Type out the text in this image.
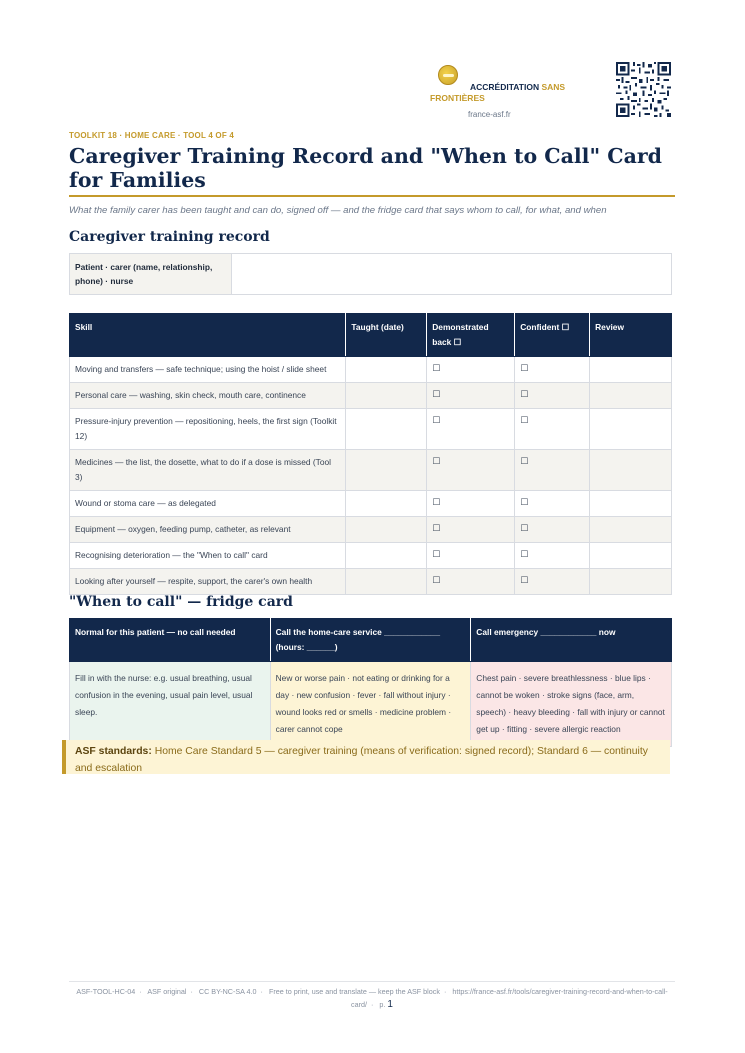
ACCRÉDITATION SANS FRONTIÈRES
france-asf.fr
TOOLKIT 18 · HOME CARE · TOOL 4 OF 4
Caregiver Training Record and "When to Call" Card for Families
What the family carer has been taught and can do, signed off — and the fridge card that says whom to call, for what, and when
Caregiver training record
Patient · carer (name, relationship, phone) · nurse	
Skill	Taught (date)	Demonstrated back ☐	Confident ☐	Review
Moving and transfers — safe technique; using the hoist / slide sheet		☐	☐	
Personal care — washing, skin check, mouth care, continence		☐	☐	
Pressure-injury prevention — repositioning, heels, the first sign (Toolkit 12)		☐	☐	
Medicines — the list, the dosette, what to do if a dose is missed (Tool 3)		☐	☐	
Wound or stoma care — as delegated		☐	☐	
Equipment — oxygen, feeding pump, catheter, as relevant		☐	☐	
Recognising deterioration — the "When to call" card		☐	☐	
Looking after yourself — respite, support, the carer's own health		☐	☐	
"When to call" — fridge card
Normal for this patient — no call needed	Call the home-care service ____________ (hours: ______)	Call emergency ____________ now
Fill in with the nurse: e.g. usual breathing, usual confusion in the evening, usual pain level, usual sleep.	New or worse pain · not eating or drinking for a day · new confusion · fever · fall without injury · wound looks red or smells · medicine problem · carer cannot cope	Chest pain · severe breathlessness · blue lips · cannot be woken · stroke signs (face, arm, speech) · heavy bleeding · fall with injury or cannot get up · fitting · severe allergic reaction
ASF standards: Home Care Standard 5 — caregiver training (means of verification: signed record); Standard 6 — continuity and escalation
ASF-TOOL-HC-04 · ASF original · CC BY-NC-SA 4.0 · Free to print, use and translate — keep the ASF block · https://france-asf.fr/tools/caregiver-training-record-and-when-to-call-card/ · p. 1
